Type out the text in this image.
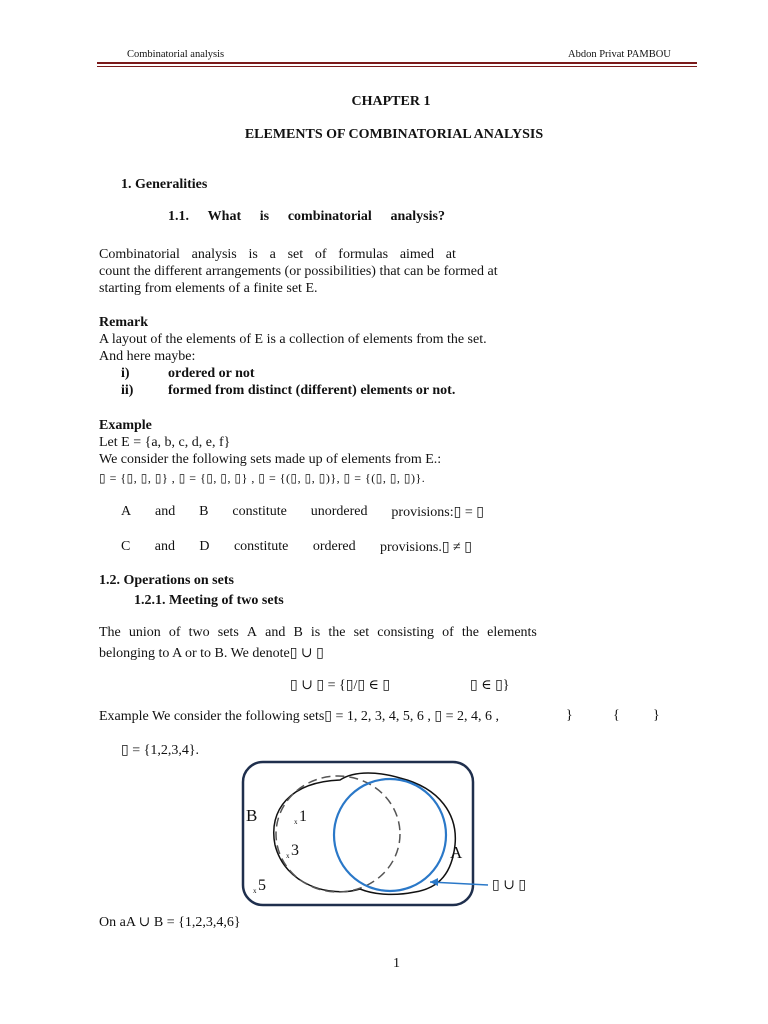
Combinatorial analysis	Abdon Privat PAMBOU
CHAPTER 1
ELEMENTS OF COMBINATORIAL ANALYSIS
1. Generalities
1.1. What is combinatorial analysis?
Combinatorial analysis is a set of formulas aimed at
count the different arrangements (or possibilities) that can be formed at
starting from elements of a finite set E.
Remark
A layout of the elements of E is a collection of elements from the set.
And here maybe:
i)	ordered or not
ii) formed from distinct (different) elements or not.
Example
Let E = {a, b, c, d, e, f}
We consider the following sets made up of elements from E.:
▯ = {▯, ▯, ▯} , ▯ = {▯, ▯, ▯} , ▯ = {(▯, ▯, ▯)}, ▯ = {(▯, ▯, ▯)}.
A and B constitute unordered provisions:▯ = ▯
C and D constitute ordered provisions.▯ ≠ ▯
1.2. Operations on sets
1.2.1. Meeting of two sets
The union of two sets A and B is the set consisting of the elements
belonging to A or to B. We denote▯ ∪ ▯
▯ ∪ ▯ = {▯/▯ ∈ ▯	▯ ∈ ▯}
Example We consider the following sets▯ = 1, 2, 3, 4, 5, 6 , ▯ = 2, 4, 6 ,	}	{ }
▯ = {1,2,3,4}.
B
A
x 1
x 3
x 5	▯ ∪ ▯
On aA ∪ B = {1,2,3,4,6}
1
